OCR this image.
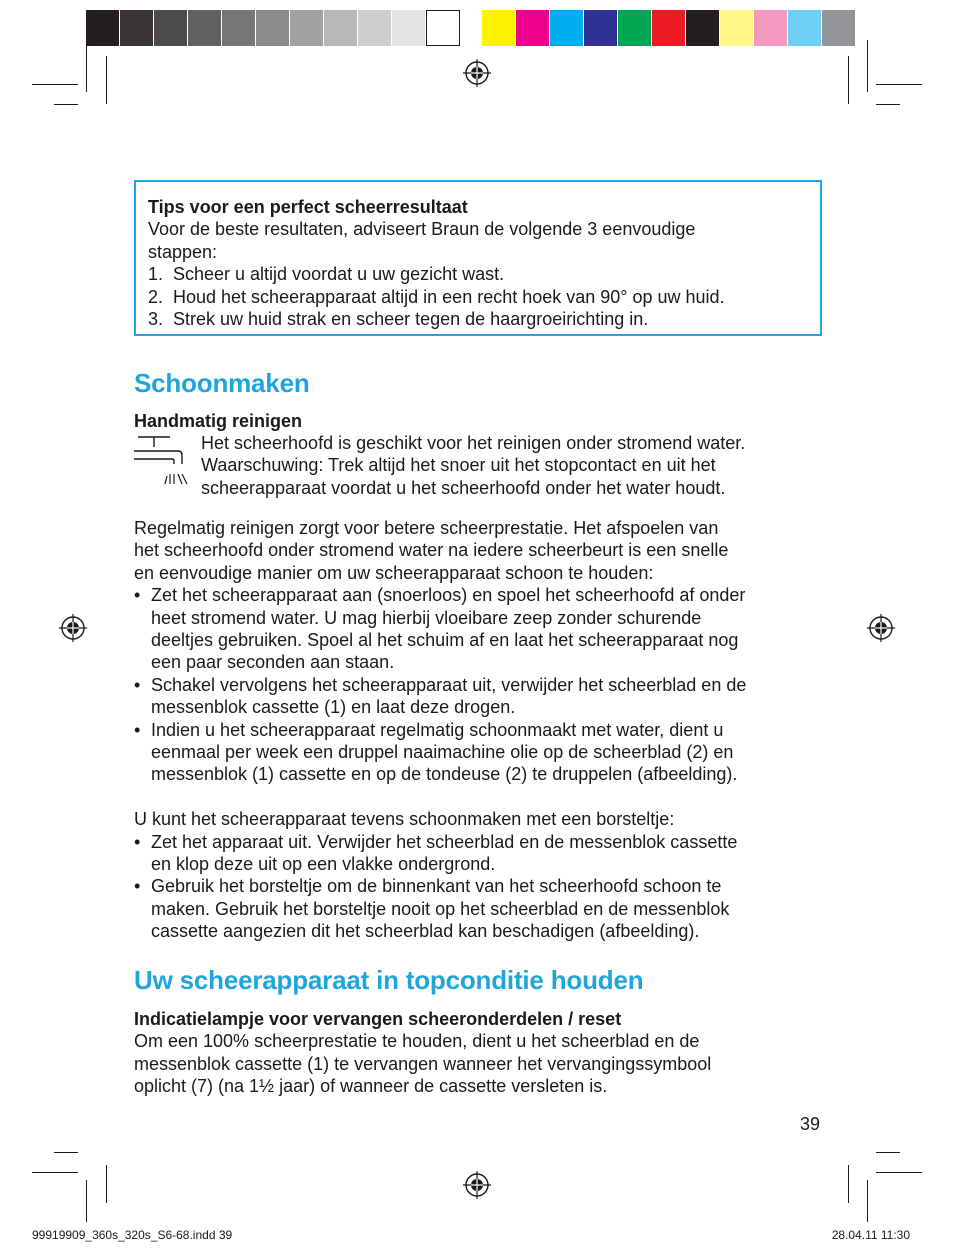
Tips voor een perfect scheerresultaat
Voor de beste resultaten, adviseert Braun de volgende 3 eenvoudige
stappen:
1. Scheer u altijd voordat u uw gezicht wast.
2. Houd het scheerapparaat altijd in een recht hoek van 90° op uw huid.
3. Strek uw huid strak en scheer tegen de haargroeirichting in.
Schoonmaken
Handmatig reinigen
Het scheerhoofd is geschikt voor het reinigen onder stromend water.
Waarschuwing: Trek altijd het snoer uit het stopcontact en uit het
scheerapparaat voordat u het scheerhoofd onder het water houdt.
Regelmatig reinigen zorgt voor betere scheerprestatie. Het afspoelen van
het scheerhoofd onder stromend water na iedere scheerbeurt is een snelle
en eenvoudige manier om uw scheerapparaat schoon te houden:
• Zet het scheerapparaat aan (snoerloos) en spoel het scheerhoofd af onder
heet stromend water. U mag hierbij vloeibare zeep zonder schurende
deeltjes gebruiken. Spoel al het schuim af en laat het scheerapparaat nog
een paar seconden aan staan.
• Schakel vervolgens het scheerapparaat uit, verwijder het scheerblad en de
messenblok cassette (1) en laat deze drogen.
• Indien u het scheerapparaat regelmatig schoonmaakt met water, dient u
eenmaal per week een druppel naaimachine olie op de scheerblad (2) en
messenblok (1) cassette en op de tondeuse (2) te druppelen (afbeelding).
U kunt het scheerapparaat tevens schoonmaken met een borsteltje:
• Zet het apparaat uit. Verwijder het scheerblad en de messenblok cassette
en klop deze uit op een vlakke ondergrond.
• Gebruik het borsteltje om de binnenkant van het scheerhoofd schoon te
maken. Gebruik het borsteltje nooit op het scheerblad en de messenblok
cassette aangezien dit het scheerblad kan beschadigen (afbeelding).
Uw scheerapparaat in topconditie houden
Indicatielampje voor vervangen scheeronderdelen / reset
Om een 100% scheerprestatie te houden, dient u het scheerblad en de
messenblok cassette (1) te vervangen wanneer het vervangingssymbool
oplicht (7) (na 1½ jaar) of wanneer de cassette versleten is.
39
99919909_360s_320s_S6-68.indd 39	28.04.11 11:30
